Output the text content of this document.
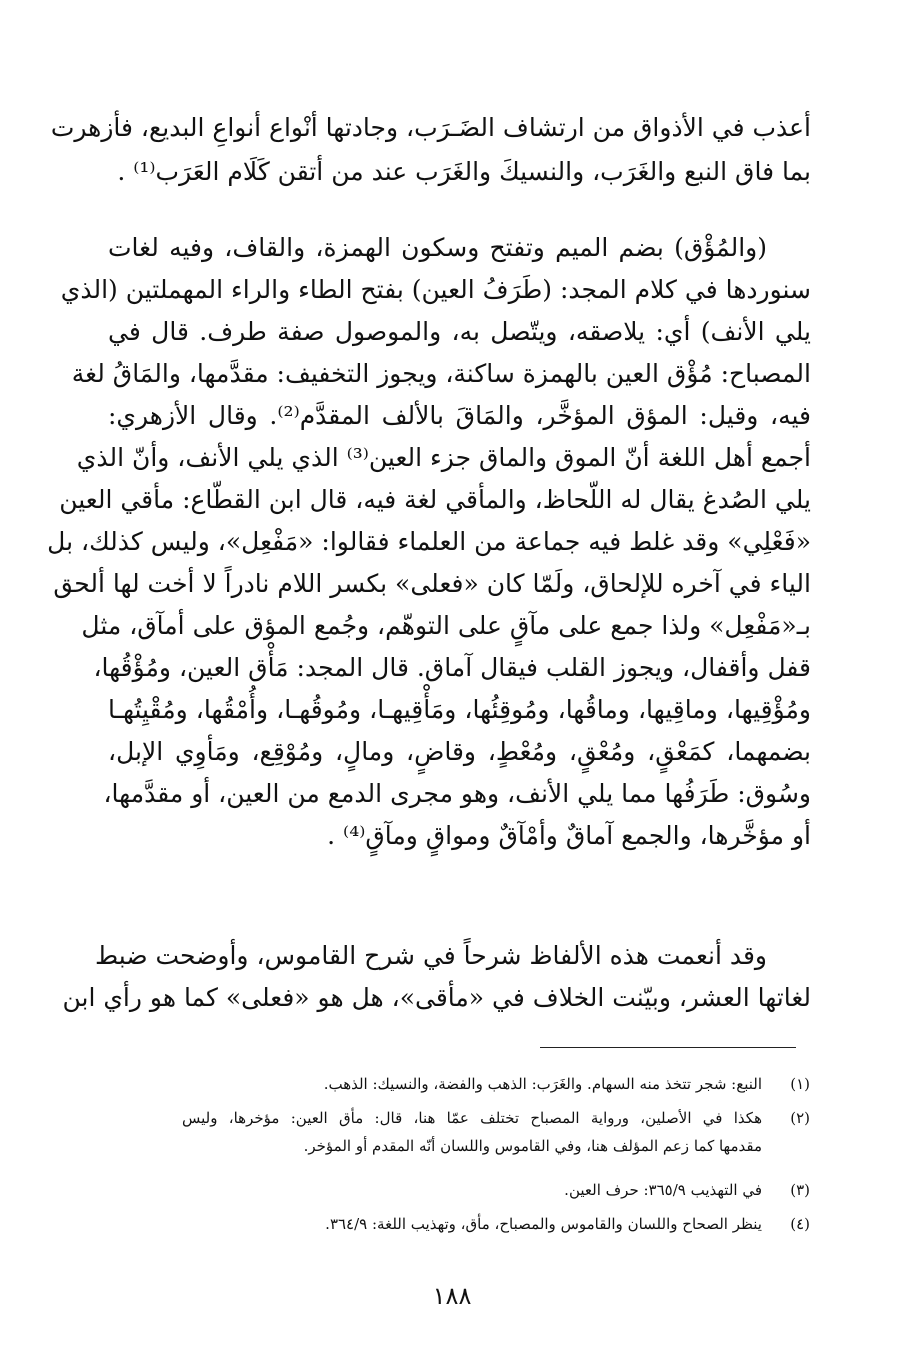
أعذب في الأذواق من ارتشاف الضَـرَب، وجادتها أنْواع أنواعِ البديع، فأزهرت
بما فاق النبع والغَرَب، والنسيكَ والغَرَب عند من أتقن كَلَام العَرَب⁽¹⁾ .
(والمُؤْق) بضم الميم وتفتح وسكون الهمزة، والقاف، وفيه لغات
سنوردها في كلام المجد: (طَرَفُ العين) بفتح الطاء والراء المهملتين (الذي
يلي الأنف) أي: يلاصقه، ويتّصل به، والموصول صفة طرف. قال في
المصباح: مُؤْق العين بالهمزة ساكنة، ويجوز التخفيف: مقدَّمها، والمَاقُ لغة
فيه، وقيل: المؤق المؤخَّر، والمَاقَ بالألف المقدَّم⁽²⁾. وقال الأزهري:
أجمع أهل اللغة أنّ الموق والماق جزء العين⁽³⁾ الذي يلي الأنف، وأنّ الذي
يلي الصُدغ يقال له اللّحاظ، والمأقي لغة فيه، قال ابن القطّاع: مأقي العين
«فَعْلِي» وقد غلط فيه جماعة من العلماء فقالوا: «مَفْعِل»، وليس كذلك، بل
الياء في آخره للإلحاق، ولَمّا كان «فعلى» بكسر اللام نادراً لا أخت لها ألحق
بـ«مَفْعِل» ولذا جمع على مآقٍ على التوهّم، وجُمع المؤق على أمآق، مثل
قفل وأقفال، ويجوز القلب فيقال آماق. قال المجد: مَأْق العين، ومُؤْقُها،
ومُؤْقِيها، وماقِيها، وماقُها، ومُوقِئُها، ومَأْقِيهـا، ومُوقُهـا، وأُمْقُها، ومُقْيِتُهـا
بضمهما، كمَعْقٍ، ومُعْقٍ، ومُعْطٍ، وقاضٍ، ومالٍ، ومُوْقِع، ومَأوِي الإبل،
وسُوق: طَرَفُها مما يلي الأنف، وهو مجرى الدمع من العين، أو مقدَّمها،
أو مؤخَّرها، والجمع آماقٌ وأمْآقٌ ومواقٍ ومآقٍ⁽⁴⁾ .
وقد أنعمت هذه الألفاظ شرحاً في شرح القاموس، وأوضحت ضبط
لغاتها العشر، وبيّنت الخلاف في «مأقى»، هل هو «فعلى» كما هو رأي ابن
(١)
النبع: شجر تتخذ منه السهام. والغَرَب: الذهب والفضة، والنسيك: الذهب.
(٢)
هكذا في الأصلين، ورواية المصباح تختلف عمّا هنا، قال: مأق العين: مؤخرها، وليس
مقدمها كما زعم المؤلف هنا، وفي القاموس واللسان أنّه المقدم أو المؤخر.
(٣)
في التهذيب ٣٦٥/٩: حرف العين.
(٤)
ينظر الصحاح واللسان والقاموس والمصباح، مأق، وتهذيب اللغة: ٣٦٤/٩.
١٨٨
